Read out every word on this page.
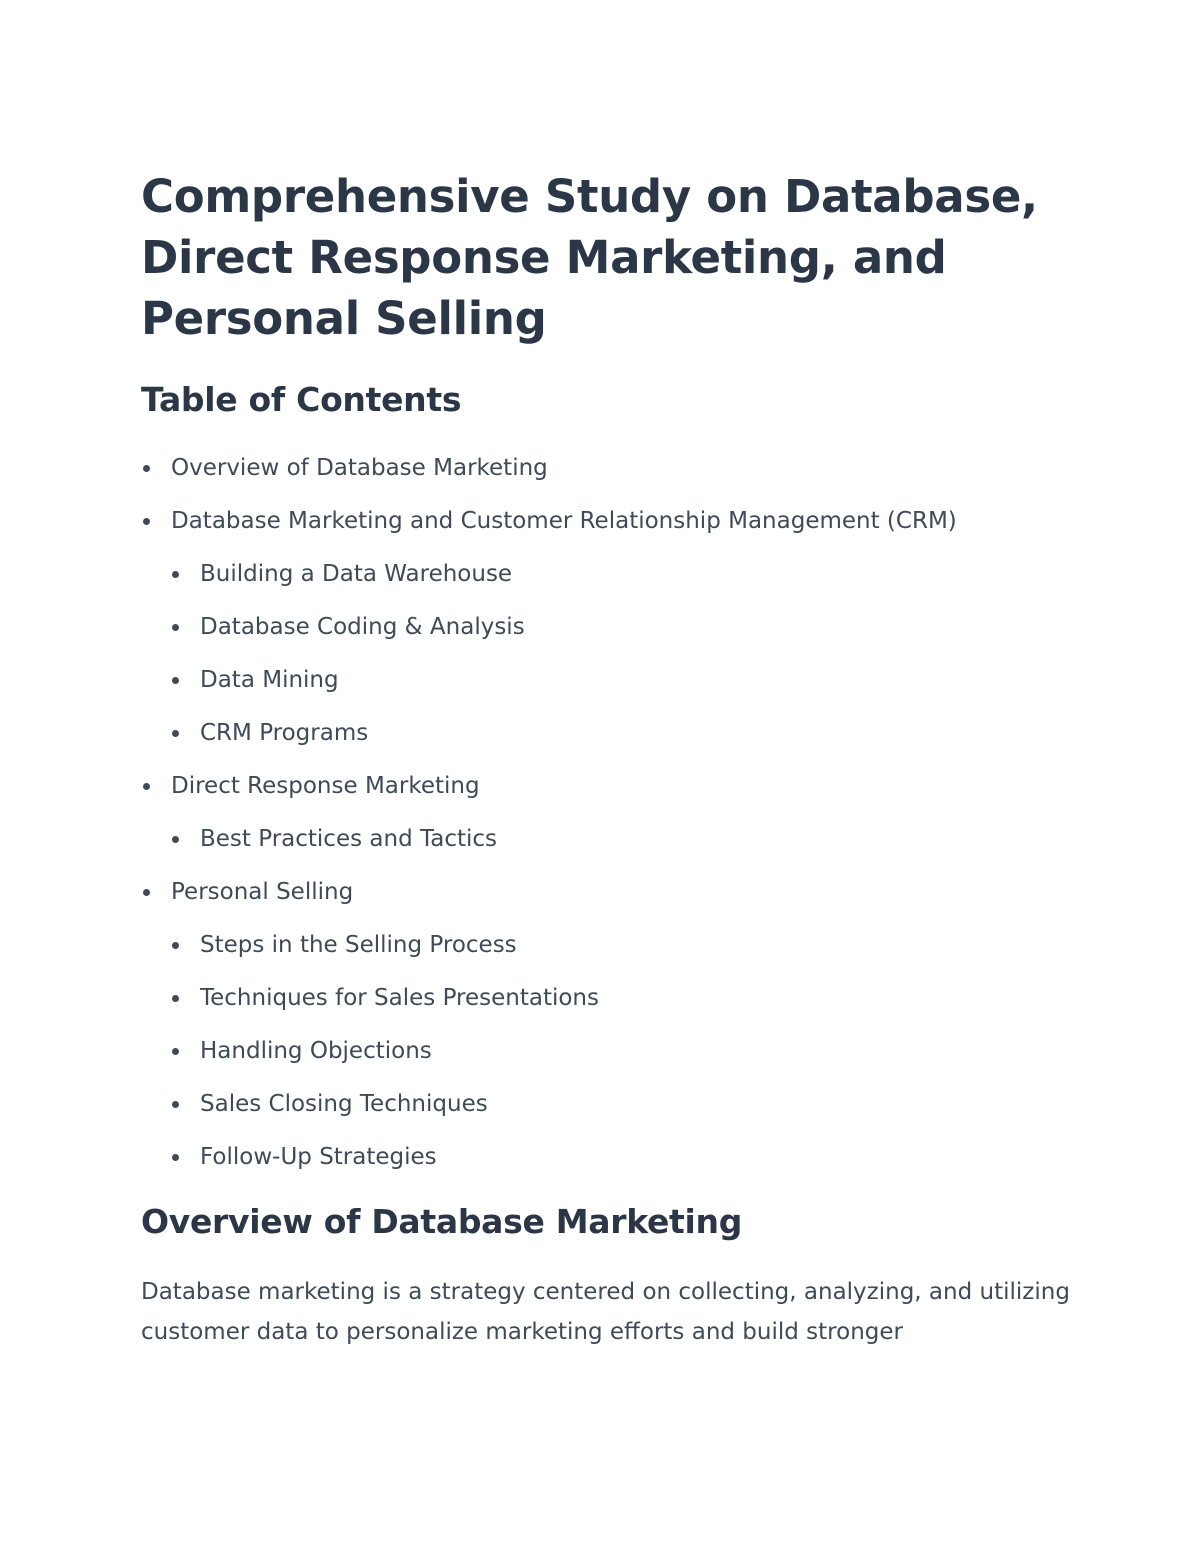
Comprehensive Study on Database, Direct Response Marketing, and Personal Selling
Table of Contents
Overview of Database Marketing
Database Marketing and Customer Relationship Management (CRM)
Building a Data Warehouse
Database Coding & Analysis
Data Mining
CRM Programs
Direct Response Marketing
Best Practices and Tactics
Personal Selling
Steps in the Selling Process
Techniques for Sales Presentations
Handling Objections
Sales Closing Techniques
Follow-Up Strategies
Overview of Database Marketing

Database marketing is a strategy centered on collecting, analyzing, and utilizing customer data to personalize marketing efforts and build stronger
